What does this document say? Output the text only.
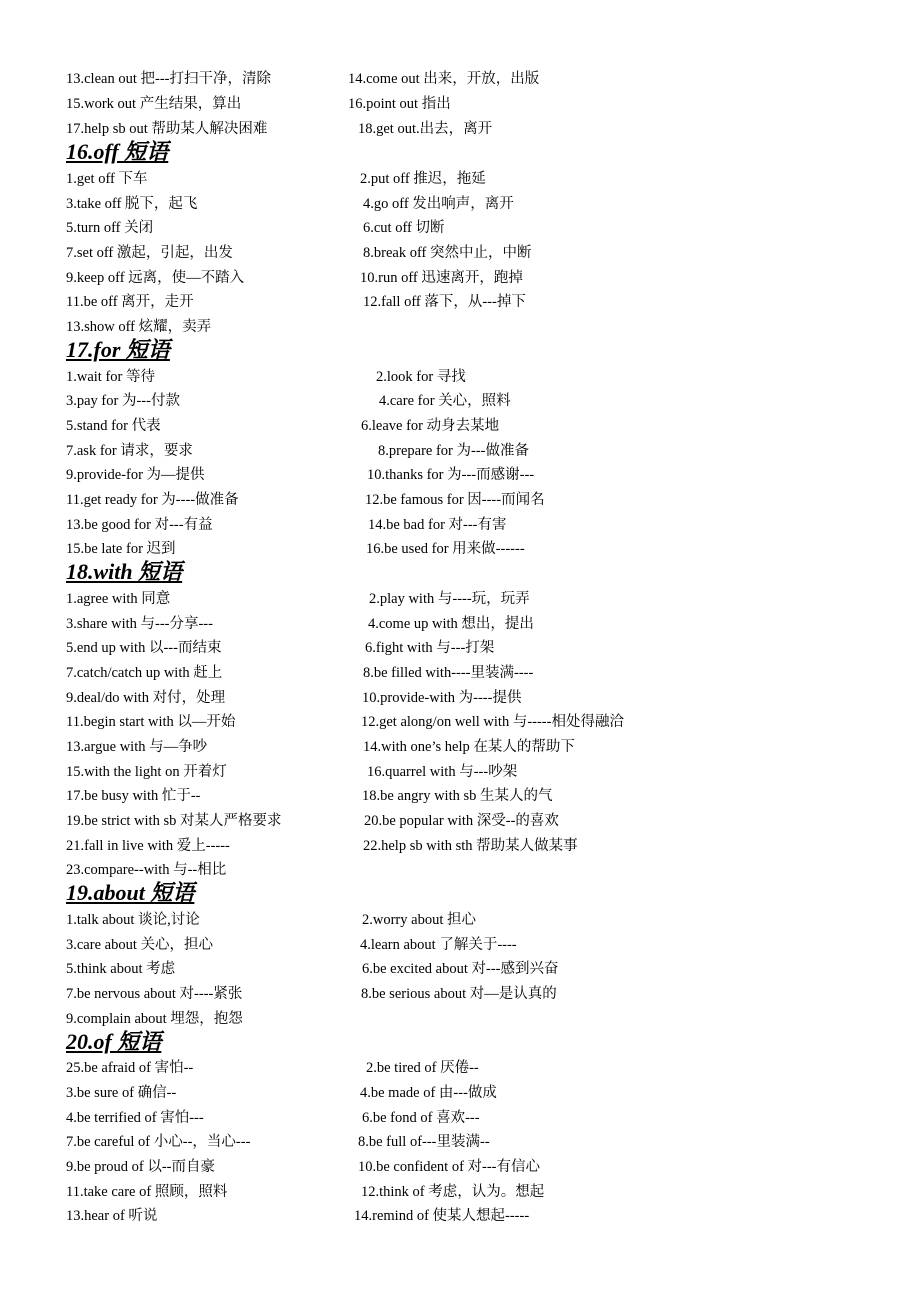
13.clean out 把---打扫干净，清除	14.come out 出来，开放，出版
15.work out 产生结果，算出	16.point out 指出
17.help sb out 帮助某人解决困难	18.get out.出去，离开
16.off 短语
1.get off 下车	2.put off 推迟，拖延
3.take off 脱下，起飞	4.go off 发出响声，离开
5.turn off 关闭	6.cut off 切断
7.set off 激起，引起，出发	8.break off 突然中止，中断
9.keep off 远离，使—不踏入	10.run off 迅速离开，跑掉
11.be off 离开，走开	12.fall off 落下，从---掉下
13.show off 炫耀，卖弄
17.for 短语
1.wait for 等待	2.look for 寻找
3.pay for 为---付款	4.care for 关心，照料
5.stand for 代表	6.leave for 动身去某地
7.ask for 请求，要求	8.prepare for 为---做准备
9.provide-for 为—提供	10.thanks for 为---而感谢---
11.get ready for 为----做准备	12.be famous for 因----而闻名
13.be good for 对---有益	14.be bad for 对---有害
15.be late for 迟到	16.be used for 用来做------
18.with 短语
1.agree with 同意	2.play with 与----玩，玩弄
3.share with 与---分享---	4.come up with 想出，提出
5.end up with 以---而结束	6.fight with 与---打架
7.catch/catch up with 赶上	8.be filled with----里装满----
9.deal/do with 对付，处理	10.provide-with 为----提供
11.begin start with 以—开始	12.get along/on well with 与-----相处得融洽
13.argue with 与—争吵	14.with one’s help 在某人的帮助下
15.with the light on 开着灯	16.quarrel with 与---吵架
17.be busy with 忙于--	18.be angry with sb 生某人的气
19.be strict with sb 对某人严格要求	20.be popular with 深受--的喜欢
21.fall in live with 爱上-----	22.help sb with sth 帮助某人做某事
23.compare--with 与--相比
19.about 短语
1.talk about 谈论,讨论	2.worry about 担心
3.care about 关心，担心	4.learn about 了解关于----
5.think about 考虑	6.be excited about 对---感到兴奋
7.be nervous about 对----紧张	8.be serious about 对—是认真的
9.complain about 埋怨，抱怨
20.of 短语
25.be afraid of 害怕--	2.be tired of 厌倦--
3.be sure of 确信--	4.be made of 由---做成
4.be terrified of 害怕---	6.be fond of 喜欢---
7.be careful of 小心--，当心---	8.be full of---里装满--
9.be proud of 以--而自豪	10.be confident of 对---有信心
11.take care of 照顾，照料	12.think of 考虑，认为。想起
13.hear of 听说	14.remind of 使某人想起-----
